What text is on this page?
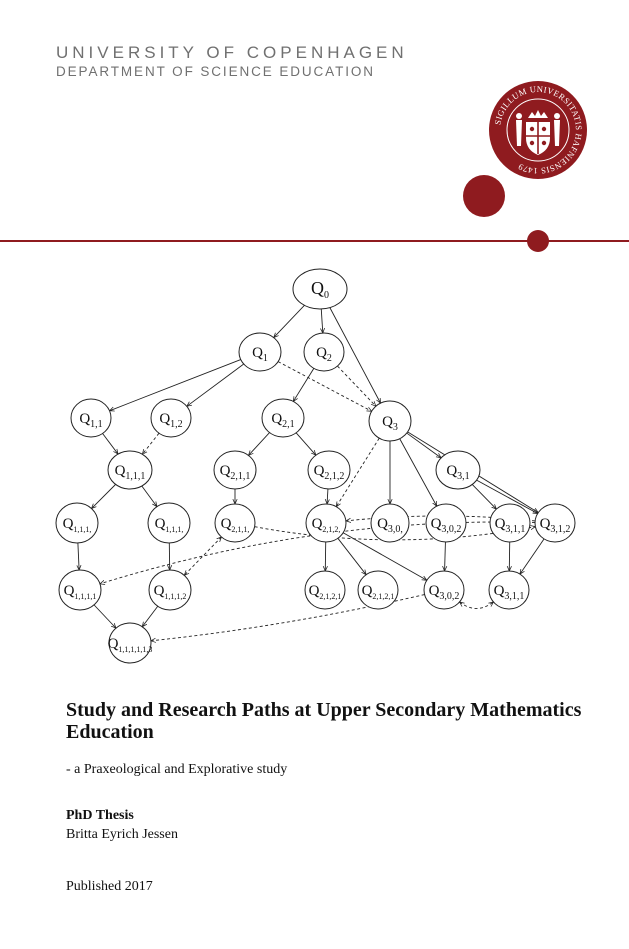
UNIVERSITY OF COPENHAGEN
DEPARTMENT OF SCIENCE EDUCATION
SIGILLUM UNIVERSITATIS HAFNIENSIS 1479
$Q_0$
$Q_1$	$Q_2$
$Q_{1,1}$	$Q_{1,2}$	$Q_{2,1}$	$Q_3$
$Q_{1,1,1}$	$Q_{2,1,1}$	$Q_{2,1,2}$	$Q_{3,1}$
$Q_{1,1,1,}$	$Q_{1,1,1,}$ $Q_{2,1,1,}$	$Q_{2,1,2,}$ $Q_{3,0,}$ $Q_{3,0,2}$ $Q_{3,1,1}$ $Q_{3,1,2}$
$Q_{1,1,1,1}$	$Q_{1,1,1,2}$	$Q_{2,1,2,1}$ $Q_{2,1,2,1}$ $Q_{3,0,2}$ $Q_{3,1,1}$
$Q_{1,1,1,1,1,3}$
Study and Research Paths at Upper Secondary Mathematics Education

- a Praxeological and Explorative study

PhD Thesis

Britta Eyrich Jessen

Published 2017
